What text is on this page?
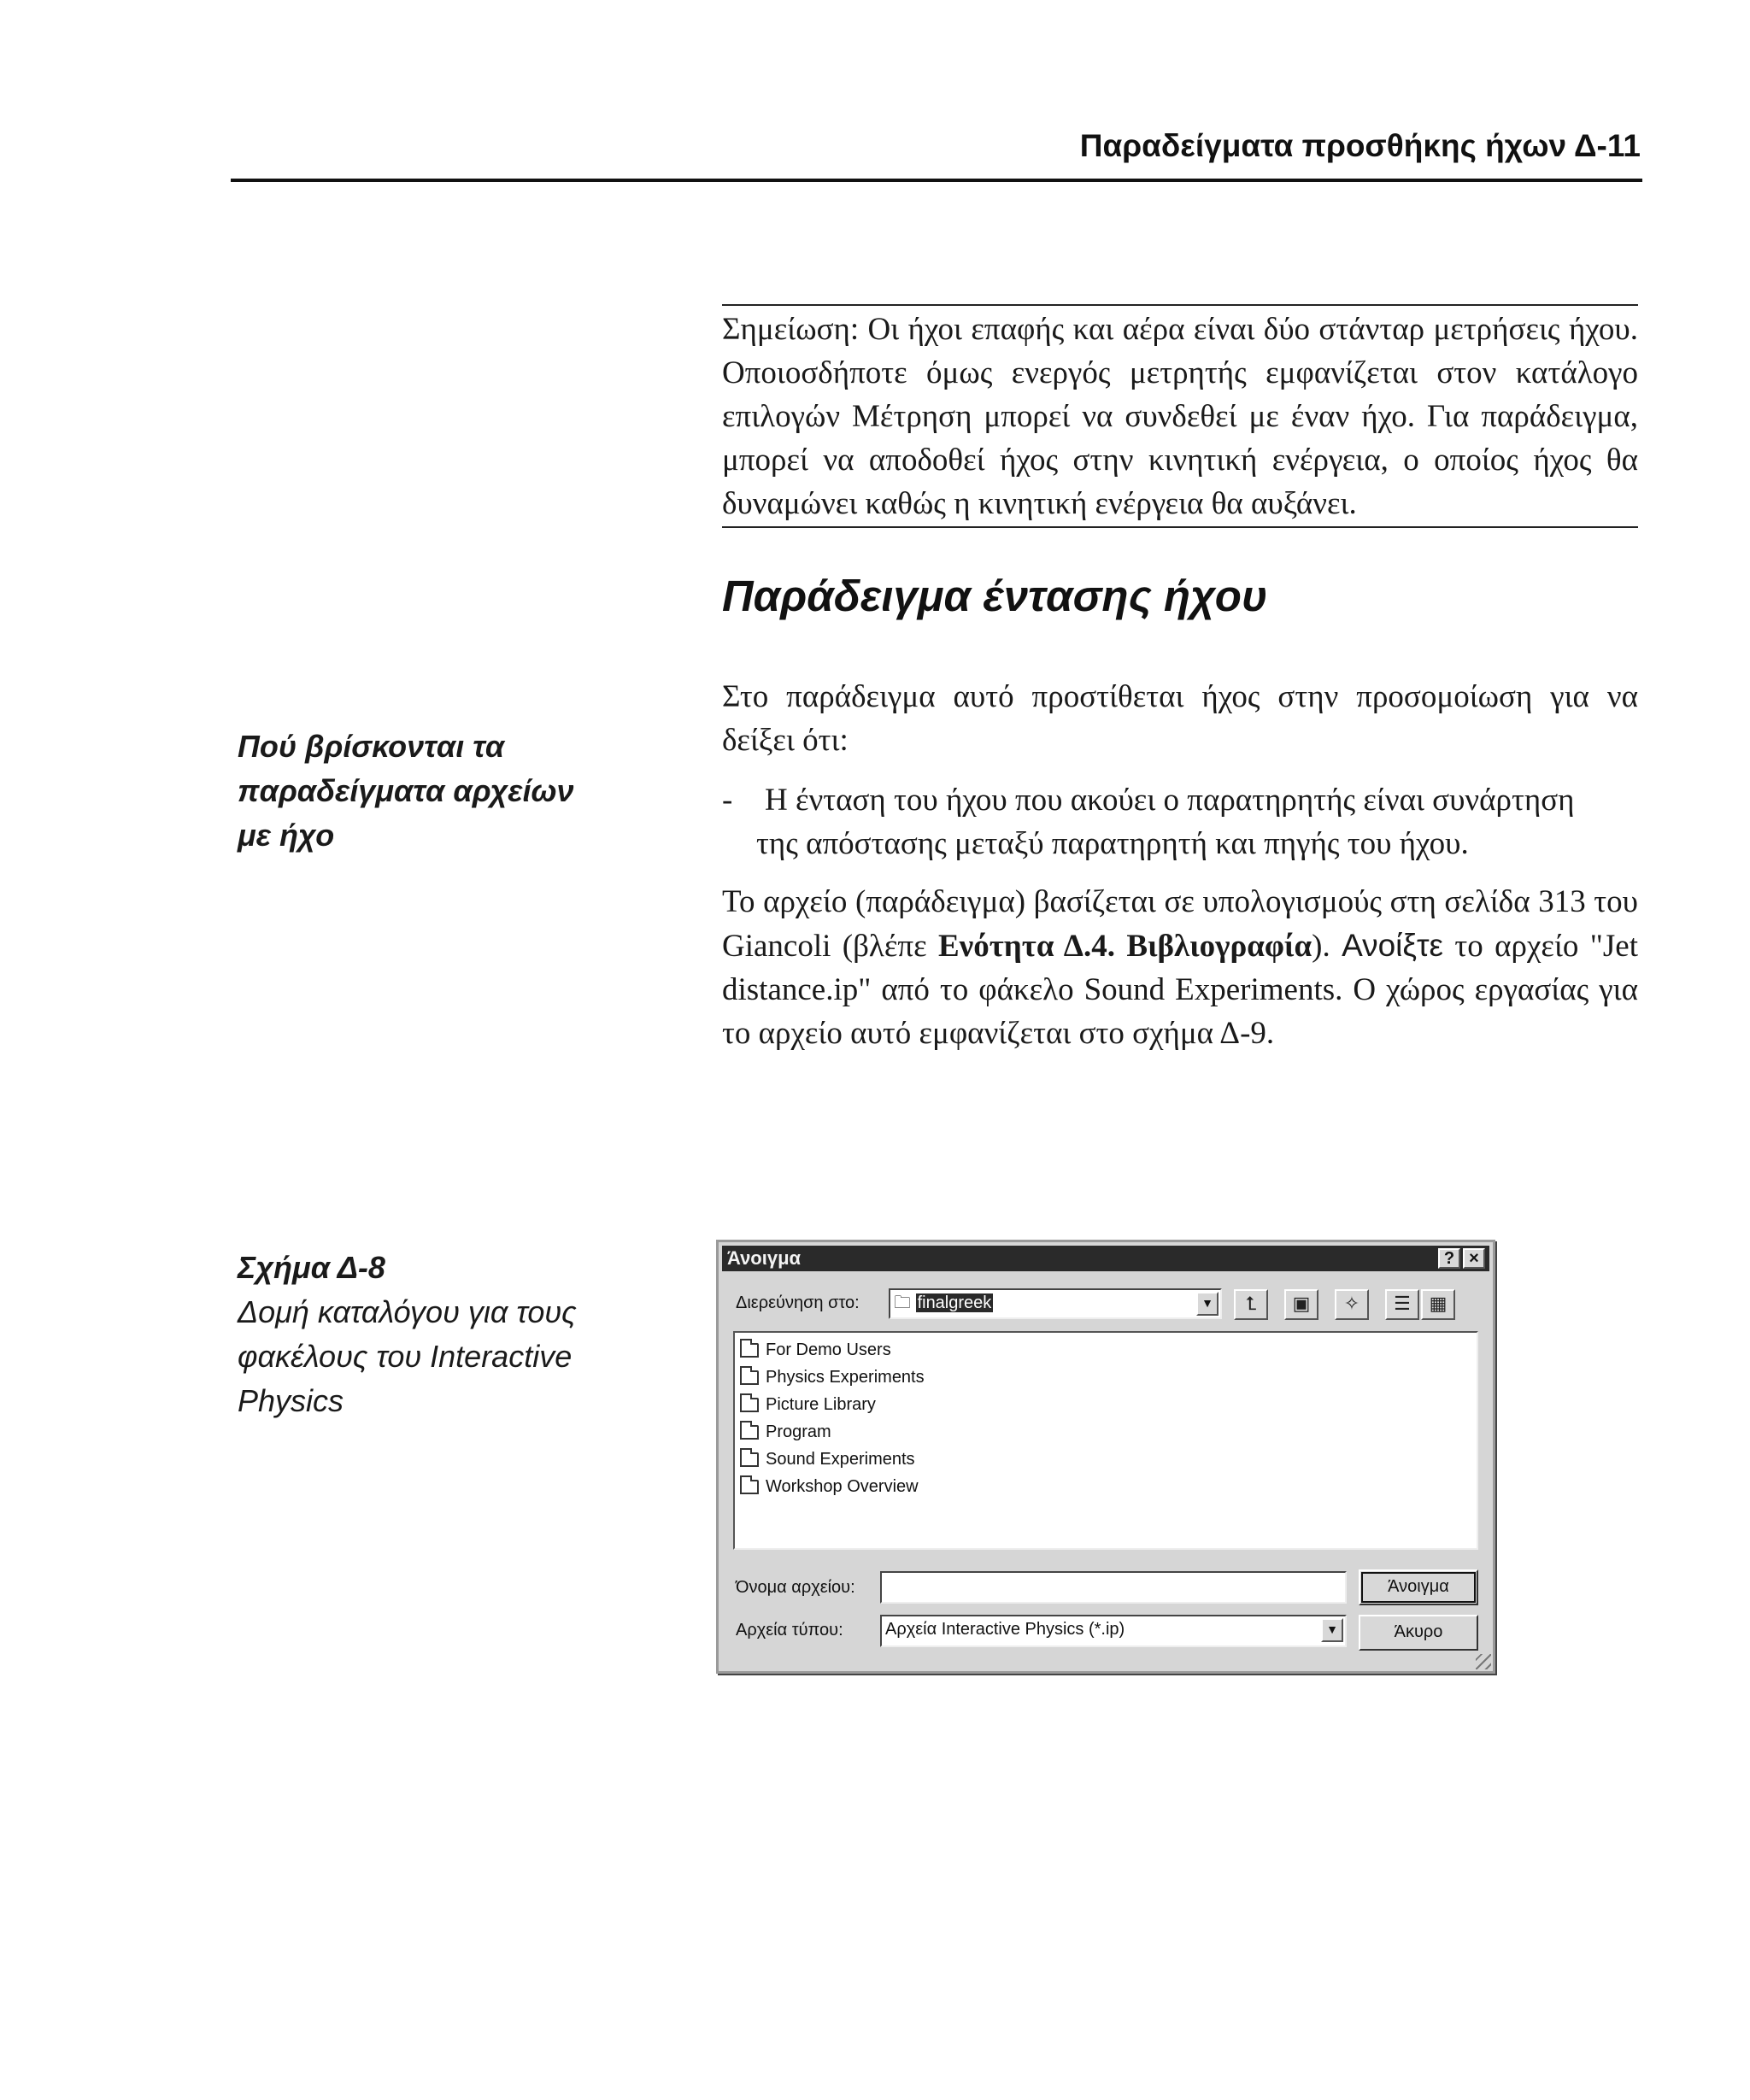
Παραδείγματα προσθήκης ήχων Δ-11
Σημείωση: Οι ήχοι επαφής και αέρα είναι δύο στάνταρ μετρήσεις ήχου. Οποιοσδήποτε όμως ενεργός μετρητής εμφανίζεται στον κατάλογο επιλογών Μέτρηση μπορεί να συνδεθεί με έναν ήχο. Για παράδειγμα, μπορεί να αποδοθεί ήχος στην κινητική ενέργεια, ο οποίος ήχος θα δυναμώνει καθώς η κινητική ενέργεια θα αυξάνει.
Παράδειγμα έντασης ήχου

Στο παράδειγμα αυτό προστίθεται ήχος στην προσομοίωση για να δείξει ότι:

-	Η ένταση του ήχου που ακούει ο παρατηρητής είναι συνάρτηση
της απόστασης μεταξύ παρατηρητή και πηγής του ήχου.

Το αρχείο (παράδειγμα) βασίζεται σε υπολογισμούς στη σελίδα 313 του Giancoli (βλέπε Ενότητα Δ.4. Βιβλιογραφία). Ανοίξτε το αρχείο "Jet distance.ip" από το φάκελο Sound Experiments. Ο χώρος εργασίας για το αρχείο αυτό εμφανίζεται στο σχήμα Δ-9.

Πού βρίσκονται τα παραδείγματα αρχείων με ήχο
Σχήμα Δ-8
Δομή καταλόγου για τους φακέλους του Interactive Physics
Άνοιγμα	? ×
Διερεύνηση στο:	🗀 finalgreek	▼	⮤	▣	✧	☰ ▦
For Demo Users
Physics Experiments
Picture Library
Program
Sound Experiments
Workshop Overview
Όνομα αρχείου:
Αρχεία τύπου:	Αρχεία Interactive Physics (*.ip)	▼
Άνοιγμα
Άκυρο
